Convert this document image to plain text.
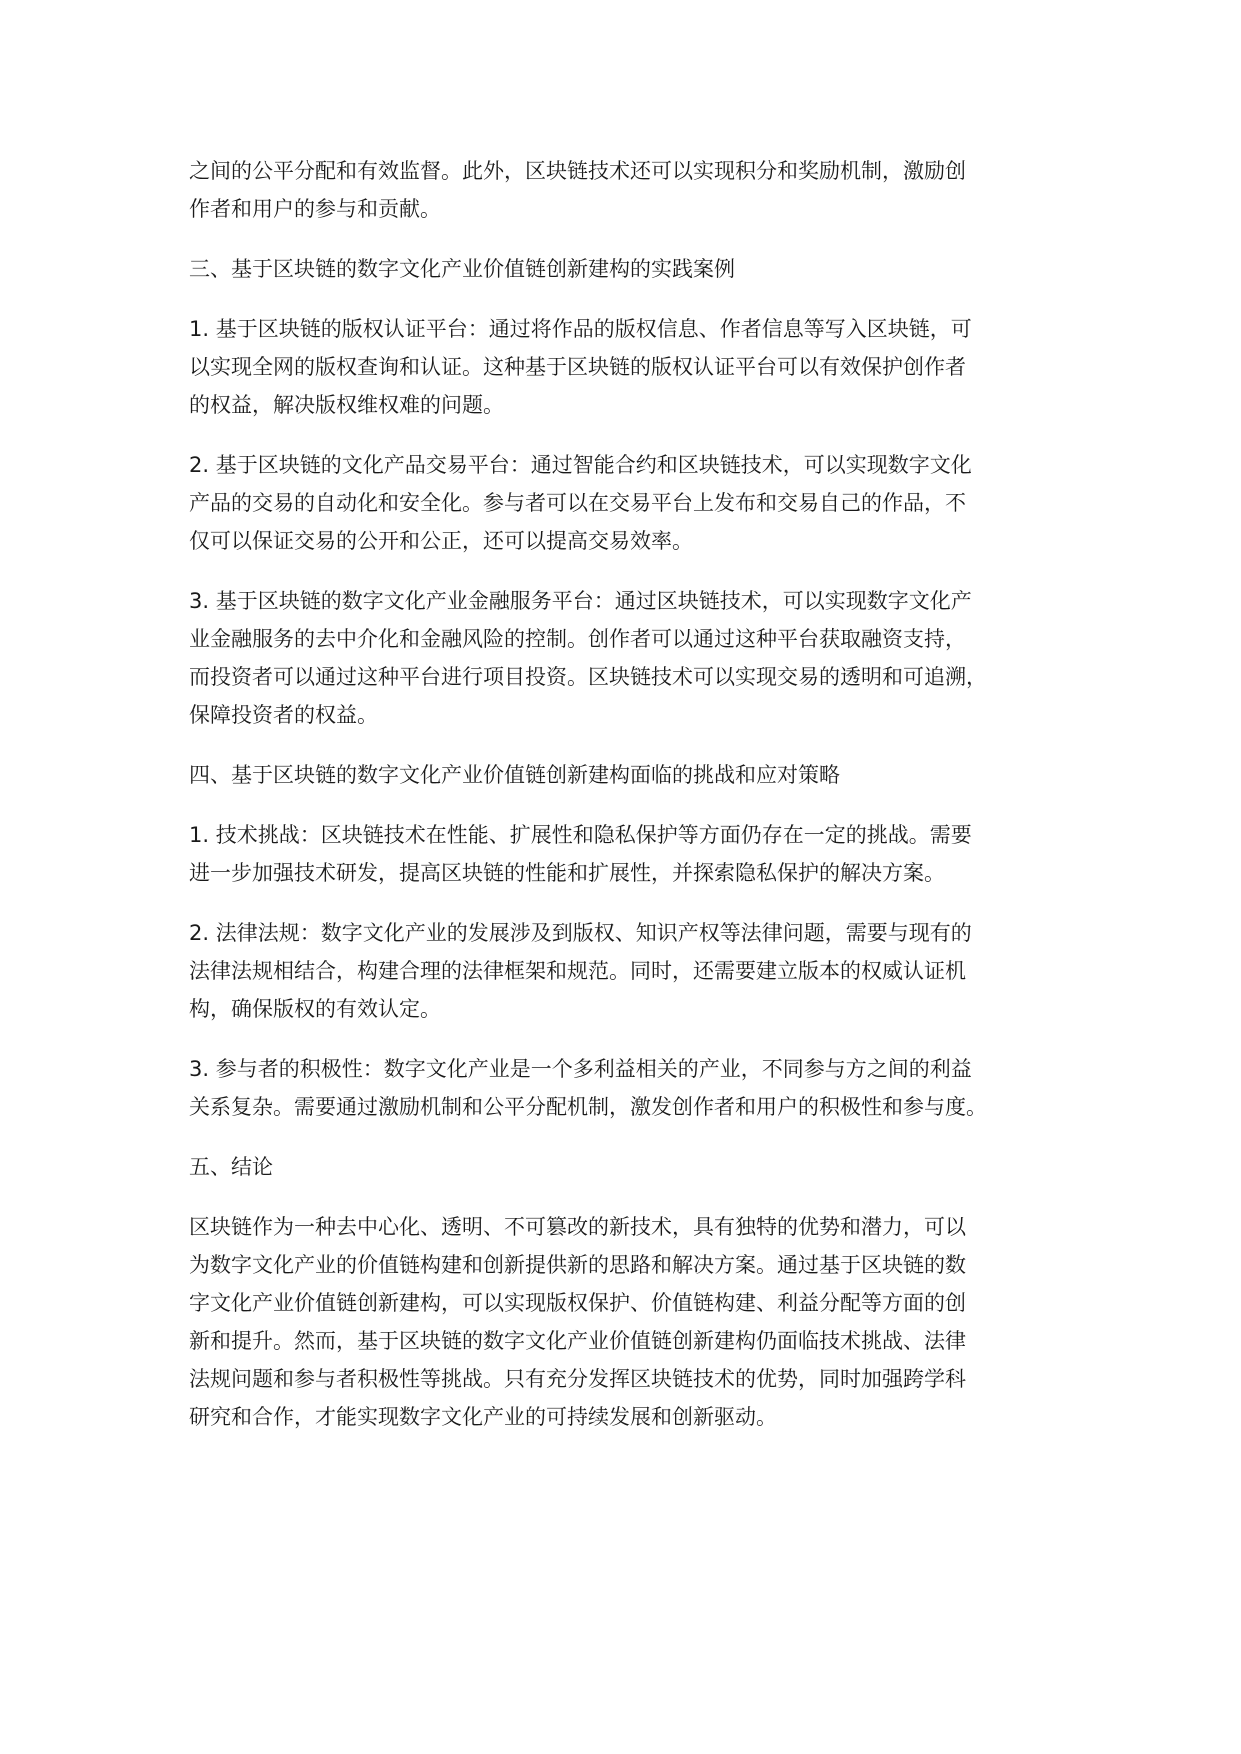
之间的公平分配和有效监督。此外，区块链技术还可以实现积分和奖励机制，激励创
作者和用户的参与和贡献。

三、基于区块链的数字文化产业价值链创新建构的实践案例

1. 基于区块链的版权认证平台：通过将作品的版权信息、作者信息等写入区块链，可
以实现全网的版权查询和认证。这种基于区块链的版权认证平台可以有效保护创作者
的权益，解决版权维权难的问题。

2. 基于区块链的文化产品交易平台：通过智能合约和区块链技术，可以实现数字文化
产品的交易的自动化和安全化。参与者可以在交易平台上发布和交易自己的作品，不
仅可以保证交易的公开和公正，还可以提高交易效率。

3. 基于区块链的数字文化产业金融服务平台：通过区块链技术，可以实现数字文化产
业金融服务的去中介化和金融风险的控制。创作者可以通过这种平台获取融资支持，
而投资者可以通过这种平台进行项目投资。区块链技术可以实现交易的透明和可追溯，
保障投资者的权益。

四、基于区块链的数字文化产业价值链创新建构面临的挑战和应对策略

1. 技术挑战：区块链技术在性能、扩展性和隐私保护等方面仍存在一定的挑战。需要
进一步加强技术研发，提高区块链的性能和扩展性，并探索隐私保护的解决方案。

2. 法律法规：数字文化产业的发展涉及到版权、知识产权等法律问题，需要与现有的
法律法规相结合，构建合理的法律框架和规范。同时，还需要建立版本的权威认证机
构，确保版权的有效认定。

3. 参与者的积极性：数字文化产业是一个多利益相关的产业，不同参与方之间的利益
关系复杂。需要通过激励机制和公平分配机制，激发创作者和用户的积极性和参与度。

五、结论

区块链作为一种去中心化、透明、不可篡改的新技术，具有独特的优势和潜力，可以
为数字文化产业的价值链构建和创新提供新的思路和解决方案。通过基于区块链的数
字文化产业价值链创新建构，可以实现版权保护、价值链构建、利益分配等方面的创
新和提升。然而，基于区块链的数字文化产业价值链创新建构仍面临技术挑战、法律
法规问题和参与者积极性等挑战。只有充分发挥区块链技术的优势，同时加强跨学科
研究和合作，才能实现数字文化产业的可持续发展和创新驱动。
